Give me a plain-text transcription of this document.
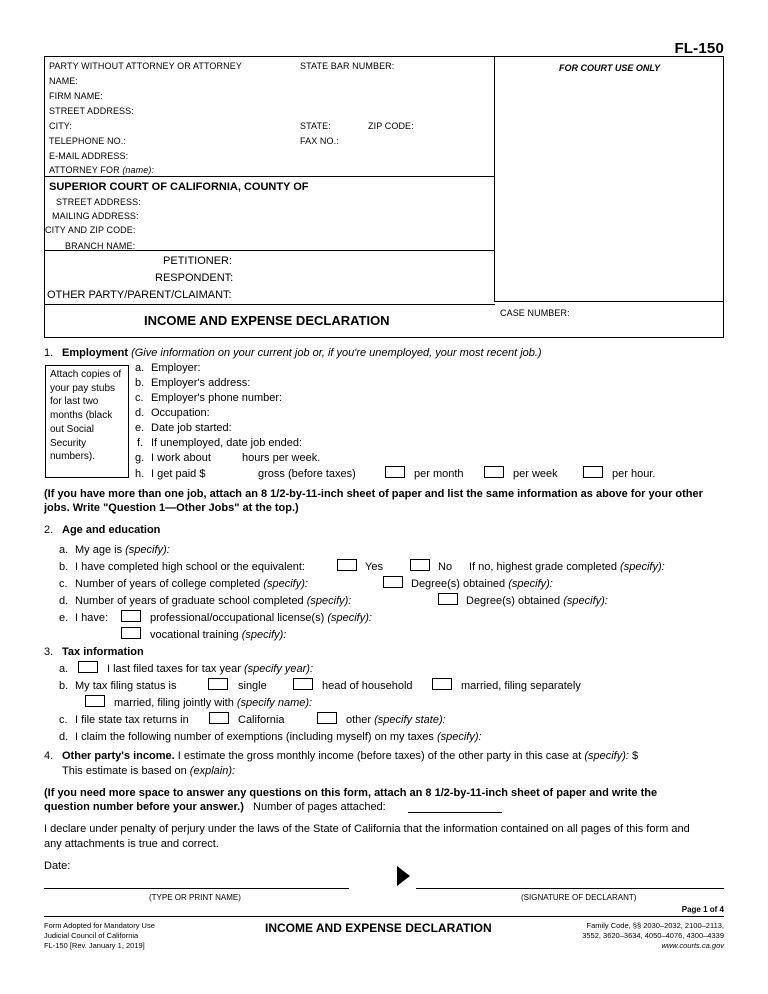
FL-150
PARTY WITHOUT ATTORNEY OR ATTORNEY	STATE BAR NUMBER:
NAME:
FIRM NAME:
STREET ADDRESS:
CITY:	STATE:	ZIP CODE:
TELEPHONE NO.:	FAX NO.:
E-MAIL ADDRESS:
ATTORNEY FOR (name):
FOR COURT USE ONLY
SUPERIOR COURT OF CALIFORNIA, COUNTY OF
STREET ADDRESS:
MAILING ADDRESS:
CITY AND ZIP CODE:
BRANCH NAME:
PETITIONER:
RESPONDENT:
OTHER PARTY/PARENT/CLAIMANT:
INCOME AND EXPENSE DECLARATION	CASE NUMBER:
1. Employment (Give information on your current job or, if you're unemployed, your most recent job.)
Attach copies of your pay stubs for last two months (black out Social Security numbers).
a. Employer:
b. Employer's address:
c. Employer's phone number:
d. Occupation:
e. Date job started:
f. If unemployed, date job ended:
g. I work about	hours per week.
h. I get paid $	gross (before taxes)	per month	per week	per hour.
(If you have more than one job, attach an 8 1/2-by-11-inch sheet of paper and list the same information as above for your other
jobs. Write "Question 1—Other Jobs" at the top.)
2. Age and education
a. My age is (specify):
b. I have completed high school or the equivalent:	Yes	No If no, highest grade completed (specify):
c. Number of years of college completed (specify):	Degree(s) obtained (specify):
d. Number of years of graduate school completed (specify):	Degree(s) obtained (specify):
e. I have:	professional/occupational license(s) (specify):
vocational training (specify):
3. Tax information
a.	I last filed taxes for tax year (specify year):
b. My tax filing status is	single	head of household	married, filing separately
married, filing jointly with (specify name):
c. I file state tax returns in	California	other (specify state):
d. I claim the following number of exemptions (including myself) on my taxes (specify):
4. Other party's income. I estimate the gross monthly income (before taxes) of the other party in this case at (specify): $
This estimate is based on (explain):
(If you need more space to answer any questions on this form, attach an 8 1/2-by-11-inch sheet of paper and write the
question number before your answer.) Number of pages attached:
I declare under penalty of perjury under the laws of the State of California that the information contained on all pages of this form and
any attachments is true and correct.
Date:
(TYPE OR PRINT NAME)	(SIGNATURE OF DECLARANT)
Page 1 of 4
Form Adopted for Mandatory Use
Judicial Council of California
FL-150 [Rev. January 1, 2019]
INCOME AND EXPENSE DECLARATION	Family Code, §§ 2030–2032, 2100–2113,
3552, 3620–3634, 4050–4076, 4300–4339
www.courts.ca.gov
